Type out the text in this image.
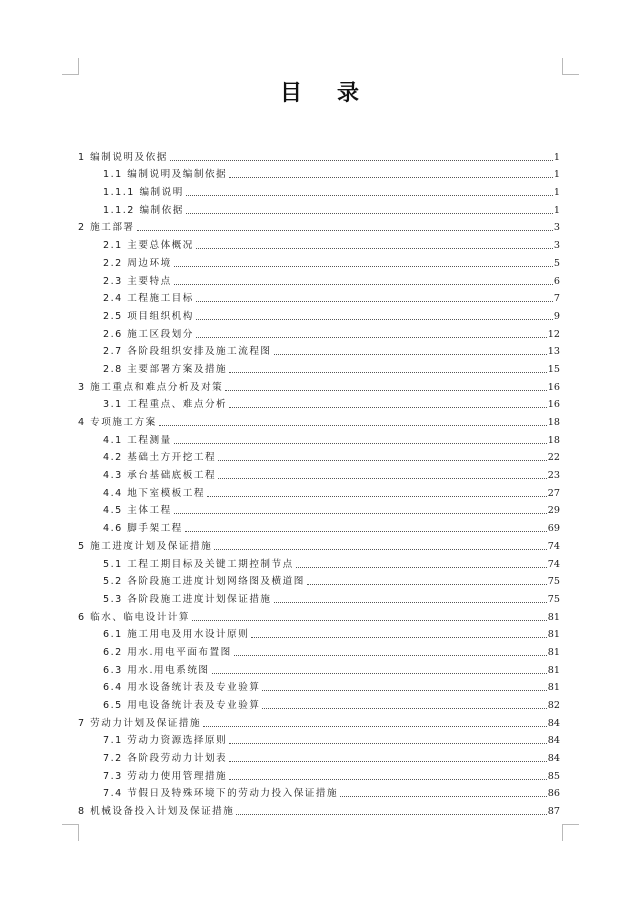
目 录
1 编制说明及依据	1
1.1 编制说明及编制依据	1
1.1.1 编制说明	1
1.1.2 编制依据	1
2 施工部署	3
2.1 主要总体概况	3
2.2 周边环境	5
2.3 主要特点	6
2.4 工程施工目标	7
2.5 项目组织机构	9
2.6 施工区段划分	12
2.7 各阶段组织安排及施工流程图	13
2.8 主要部署方案及措施	15
3 施工重点和难点分析及对策	16
3.1 工程重点、难点分析	16
4 专项施工方案	18
4.1 工程测量	18
4.2 基础土方开挖工程	22
4.3 承台基础底板工程	23
4.4 地下室模板工程	27
4.5 主体工程	29
4.6 脚手架工程	69
5 施工进度计划及保证措施	74
5.1 工程工期目标及关键工期控制节点	74
5.2 各阶段施工进度计划网络图及横道图	75
5.3 各阶段施工进度计划保证措施	75
6 临水、临电设计计算	81
6.1 施工用电及用水设计原则	81
6.2 用水.用电平面布置图	81
6.3 用水.用电系统图	81
6.4 用水设备统计表及专业验算	81
6.5 用电设备统计表及专业验算	82
7 劳动力计划及保证措施	84
7.1 劳动力资源选择原则	84
7.2 各阶段劳动力计划表	84
7.3 劳动力使用管理措施	85
7.4 节假日及特殊环境下的劳动力投入保证措施	86
8 机械设备投入计划及保证措施	87
